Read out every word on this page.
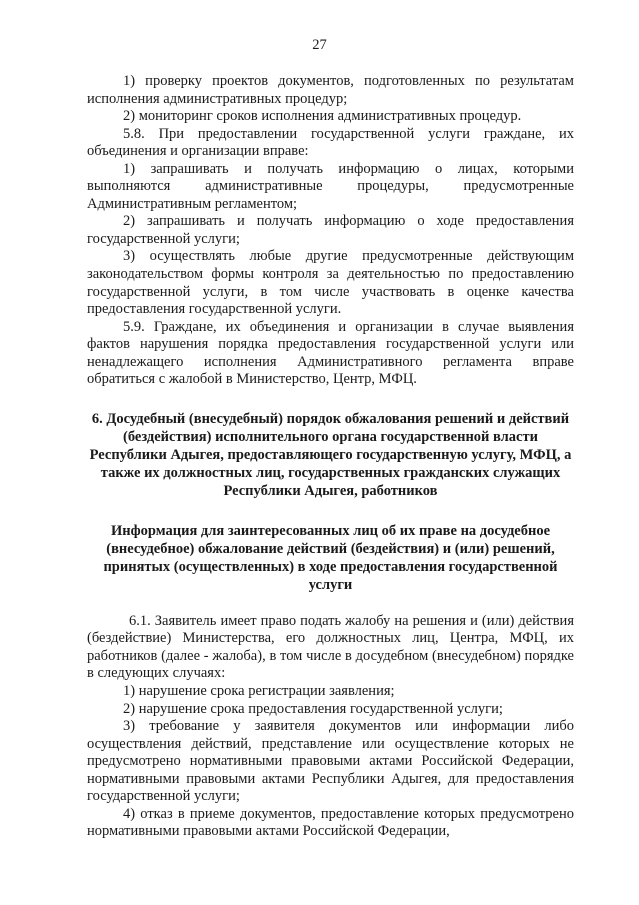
27

1) проверку проектов документов, подготовленных по результатам исполнения административных процедур;

2) мониторинг сроков исполнения административных процедур.

5.8. При предоставлении государственной услуги граждане, их объединения и организации вправе:

1) запрашивать и получать информацию о лицах, которыми выполняются административные процедуры, предусмотренные Административным регламентом;

2) запрашивать и получать информацию о ходе предоставления государственной услуги;

3) осуществлять любые другие предусмотренные действующим законодательством формы контроля за деятельностью по предоставлению государственной услуги, в том числе участвовать в оценке качества предоставления государственной услуги.

5.9. Граждане, их объединения и организации в случае выявления фактов нарушения порядка предоставления государственной услуги или ненадлежащего исполнения Административного регламента вправе обратиться с жалобой в Министерство, Центр, МФЦ.

6. Досудебный (внесудебный) порядок обжалования решений и действий (бездействия) исполнительного органа государственной власти Республики Адыгея, предоставляющего государственную услугу, МФЦ, а также их должностных лиц, государственных гражданских служащих Республики Адыгея, работников
Информация для заинтересованных лиц об их праве на досудебное (внесудебное) обжалование действий (бездействия) и (или) решений, принятых (осуществленных) в ходе предоставления государственной услуги

6.1. Заявитель имеет право подать жалобу на решения и (или) действия (бездействие) Министерства, его должностных лиц, Центра, МФЦ, их работников (далее - жалоба), в том числе в досудебном (внесудебном) порядке в следующих случаях:

1) нарушение срока регистрации заявления;

2) нарушение срока предоставления государственной услуги;

3) требование у заявителя документов или информации либо осуществления действий, представление или осуществление которых не предусмотрено нормативными правовыми актами Российской Федерации, нормативными правовыми актами Республики Адыгея, для предоставления государственной услуги;

4) отказ в приеме документов, предоставление которых предусмотрено нормативными правовыми актами Российской Федерации,
